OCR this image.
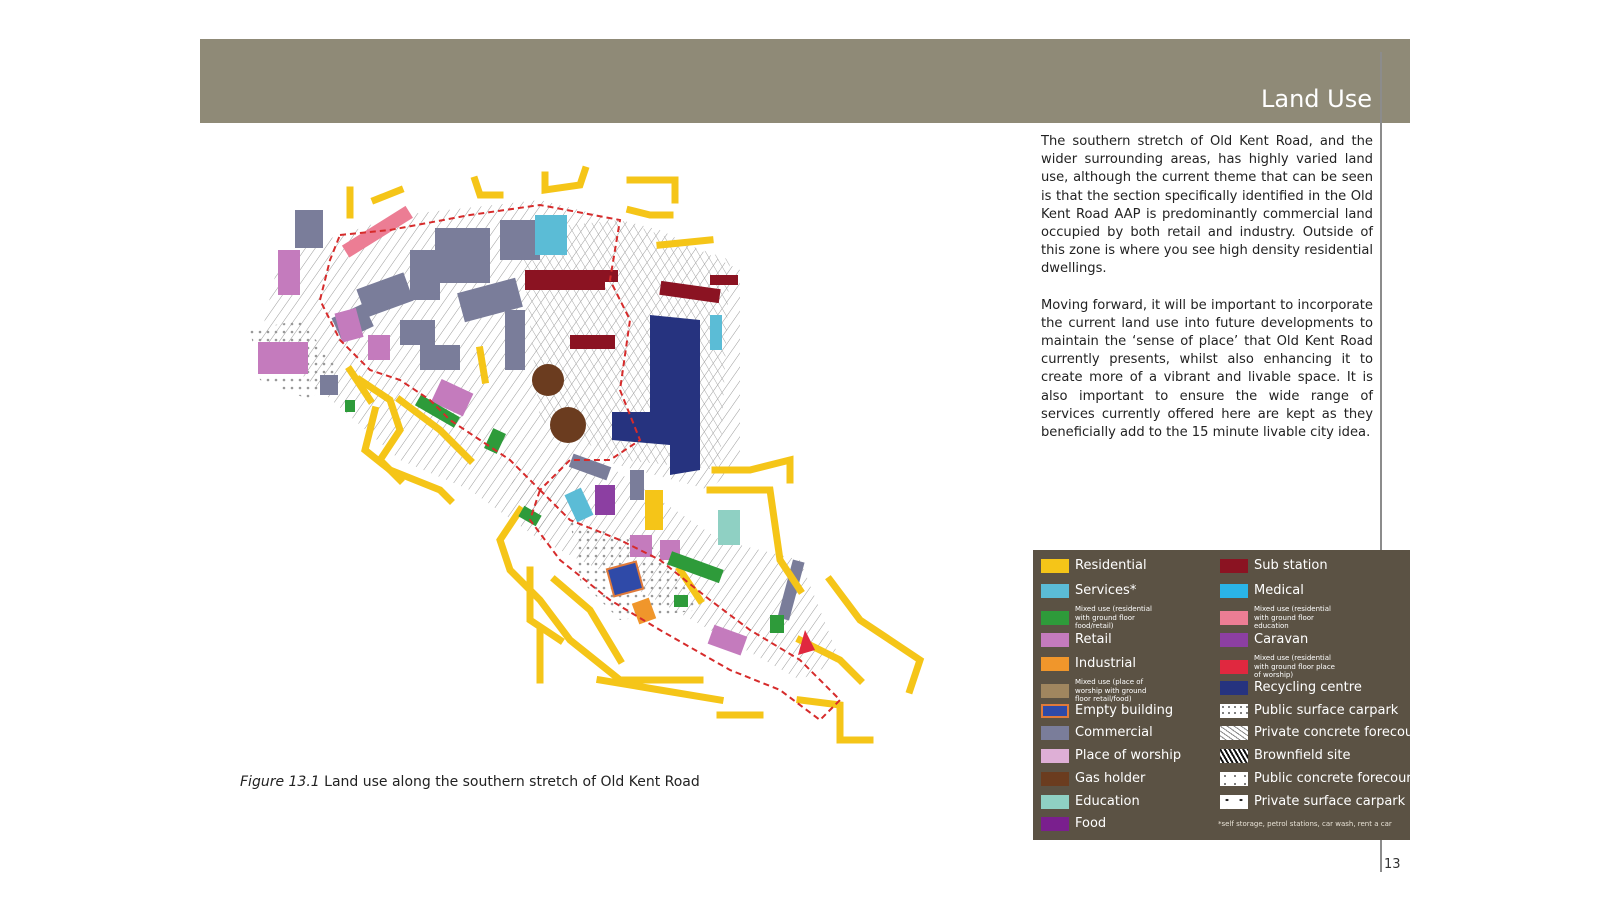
Land Use

The southern stretch of Old Kent Road, and the wider surrounding areas, has highly varied land use, although the current theme that can be seen is that the section specifically identified in the Old Kent Road AAP is predominantly commercial land occupied by both retail and industry. Outside of this zone is where you see high density residential dwellings.

Moving forward, it will be important to incorporate the current land use into future developments to maintain the ‘sense of place’ that Old Kent Road currently presents, whilst also enhancing it to create more of a vibrant and livable space. It is also important to ensure the wide range of services currently offered here are kept as they beneficially add to the 15 minute livable city idea.

Figure 13.1 Land use along the southern stretch of Old Kent Road
Residential
Services*
Mixed use (residential with ground floor food/retail)
Retail
Industrial
Mixed use (place of worship with ground floor retail/food)
Empty building
Commercial
Place of worship
Gas holder
Education
Food
Sub station
Medical
Mixed use (residential with ground floor education
Caravan
Mixed use (residential with ground floor place of worship)
Recycling centre
Public surface carpark
Private concrete forecourt
Brownfield site
Public concrete forecourt
Private surface carpark
*self storage, petrol stations, car wash, rent a car
13
